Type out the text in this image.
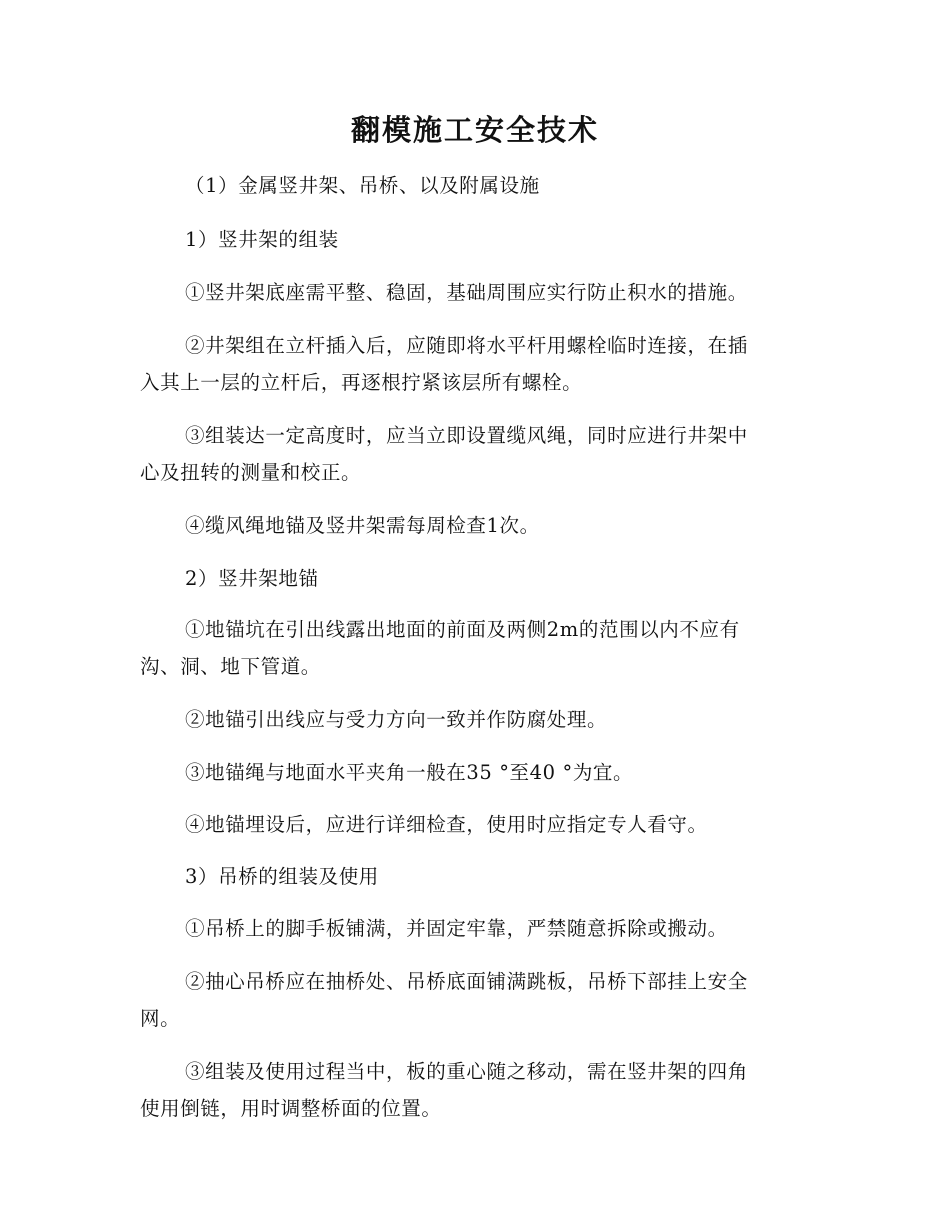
翻模施工安全技术
（1）金属竖井架、吊桥、以及附属设施
1）竖井架的组装
①竖井架底座需平整、稳固，基础周围应实行防止积水的措施。
②井架组在立杆插入后，应随即将水平杆用螺栓临时连接，在插
入其上一层的立杆后，再逐根拧紧该层所有螺栓。
③组装达一定高度时，应当立即设置缆风绳，同时应进行井架中
心及扭转的测量和校正。
④缆风绳地锚及竖井架需每周检查1次。
2）竖井架地锚
①地锚坑在引出线露出地面的前面及两侧2m的范围以内不应有
沟、洞、地下管道。
②地锚引出线应与受力方向一致并作防腐处理。
③地锚绳与地面水平夹角一般在35 °至40 °为宜。
④地锚埋设后，应进行详细检查，使用时应指定专人看守。
3）吊桥的组装及使用
①吊桥上的脚手板铺满，并固定牢靠，严禁随意拆除或搬动。
②抽心吊桥应在抽桥处、吊桥底面铺满跳板，吊桥下部挂上安全
网。
③组装及使用过程当中，板的重心随之移动，需在竖井架的四角
使用倒链，用时调整桥面的位置。
